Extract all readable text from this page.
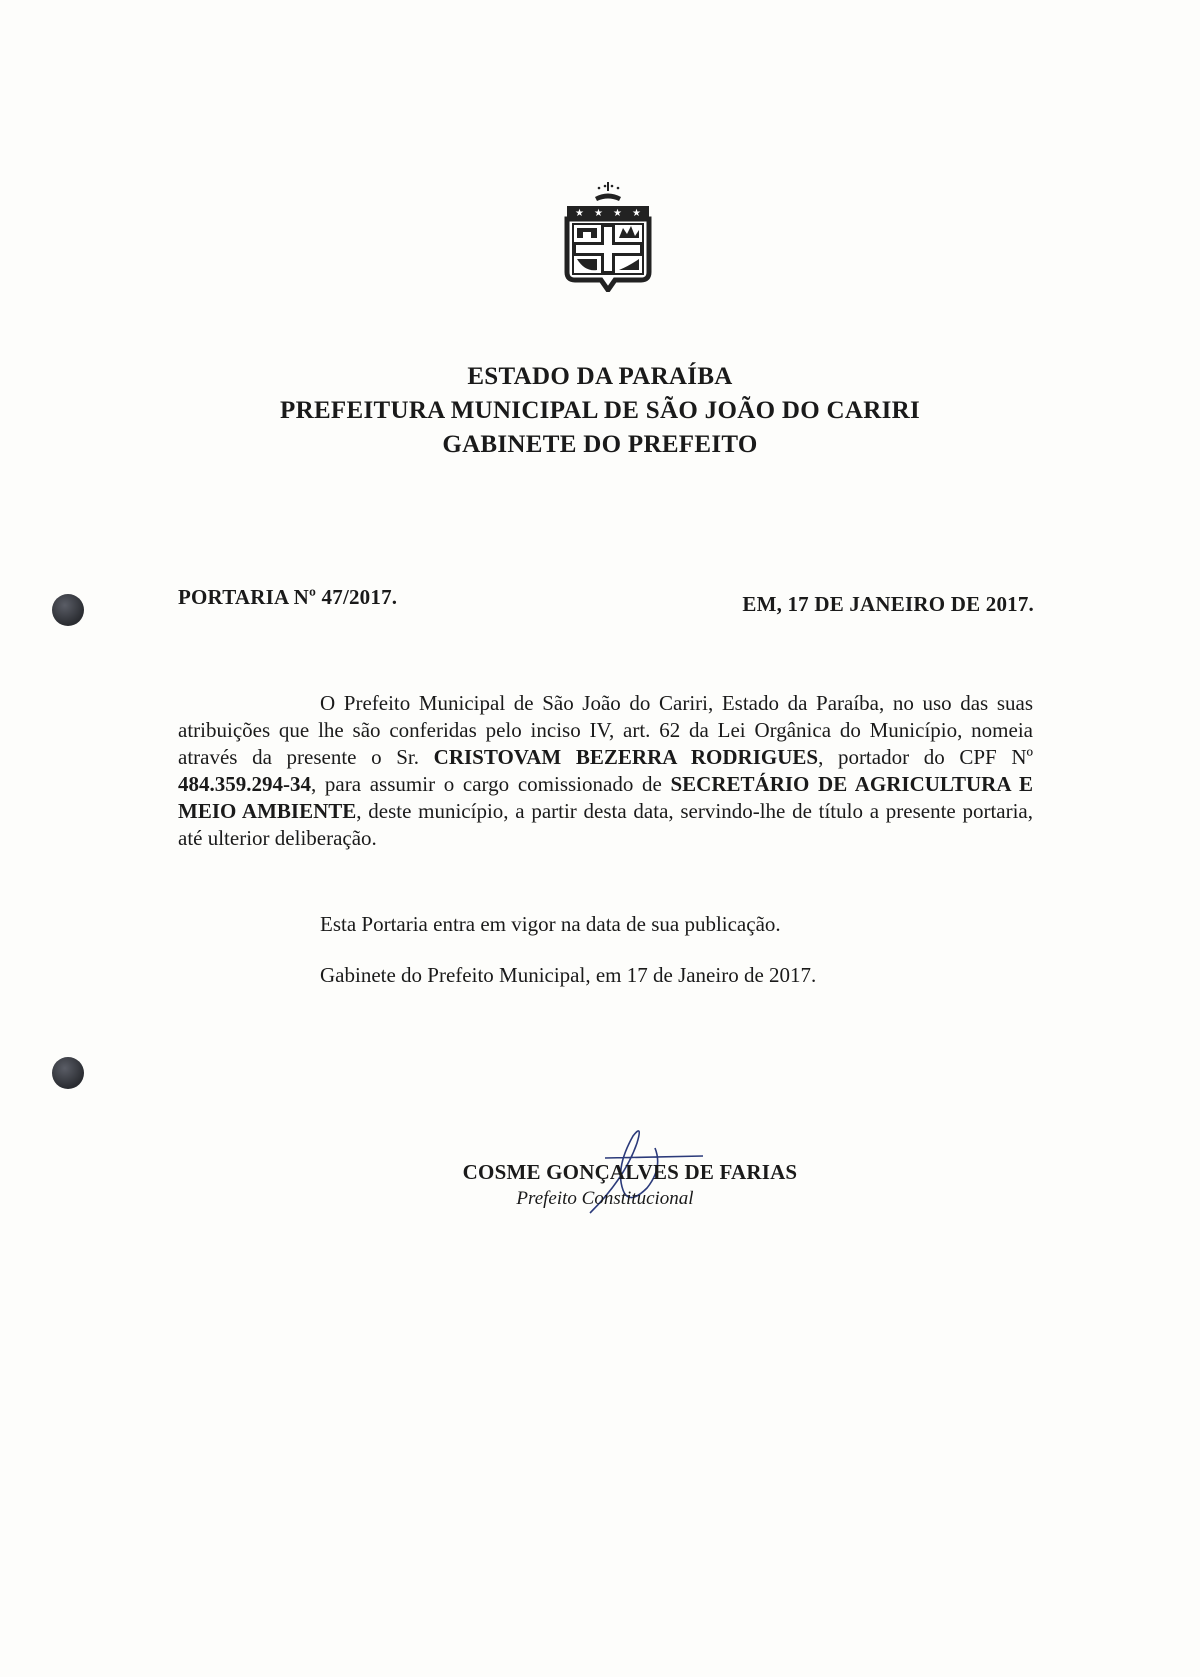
★ ★ ★ ★
ESTADO DA PARAÍBA
PREFEITURA MUNICIPAL DE SÃO JOÃO DO CARIRI
GABINETE DO PREFEITO
PORTARIA Nº 47/2017.	EM, 17 DE JANEIRO DE 2017.
O Prefeito Municipal de São João do Cariri, Estado da Paraíba, no uso das suas atribuições que lhe são conferidas pelo inciso IV, art. 62 da Lei Orgânica do Município, nomeia através da presente o Sr. CRISTOVAM BEZERRA RODRIGUES, portador do CPF Nº 484.359.294-34, para assumir o cargo comissionado de SECRETÁRIO DE AGRICULTURA E MEIO AMBIENTE, deste município, a partir desta data, servindo-lhe de título a presente portaria, até ulterior deliberação.
Esta Portaria entra em vigor na data de sua publicação.
Gabinete do Prefeito Municipal, em 17 de Janeiro de 2017.
COSME GONÇALVES DE FARIAS
Prefeito Constitucional
